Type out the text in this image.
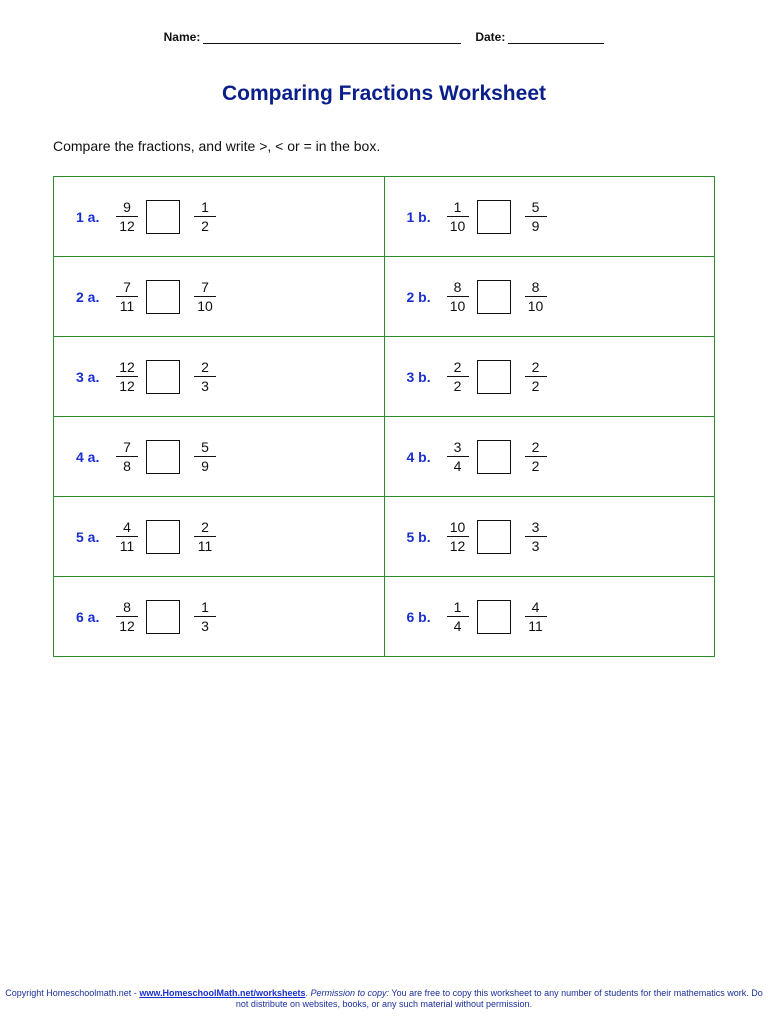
Name:	Date:
Comparing Fractions Worksheet
Compare the fractions, and write >, < or = in the box.
1 a. $\frac{9}{12} \frac{1}{2}$	1 b. $\frac{1}{10} \frac{5}{9}$

2 a. $\frac{7}{11} \frac{7}{10}$	2 b. $\frac{8}{10} \frac{8}{10}$

3 a. $\frac{12}{12} \frac{2}{3}$	3 b. $\frac{2}{2} \frac{2}{2}$

4 a. $\frac{7}{8} \frac{5}{9}$	4 b. $\frac{3}{4} \frac{2}{2}$

5 a. $\frac{4}{11} \frac{2}{11}$	5 b. $\frac{10}{12} \frac{3}{3}$

6 a. $\frac{8}{12} \frac{1}{3}$	6 b. $\frac{1}{4} \frac{4}{11}$
Copyright Homeschoolmath.net - www.HomeschoolMath.net/worksheets. Permission to copy: You are free to copy this worksheet to any number of students for their mathematics work. Do not distribute on websites, books, or any such material without permission.
